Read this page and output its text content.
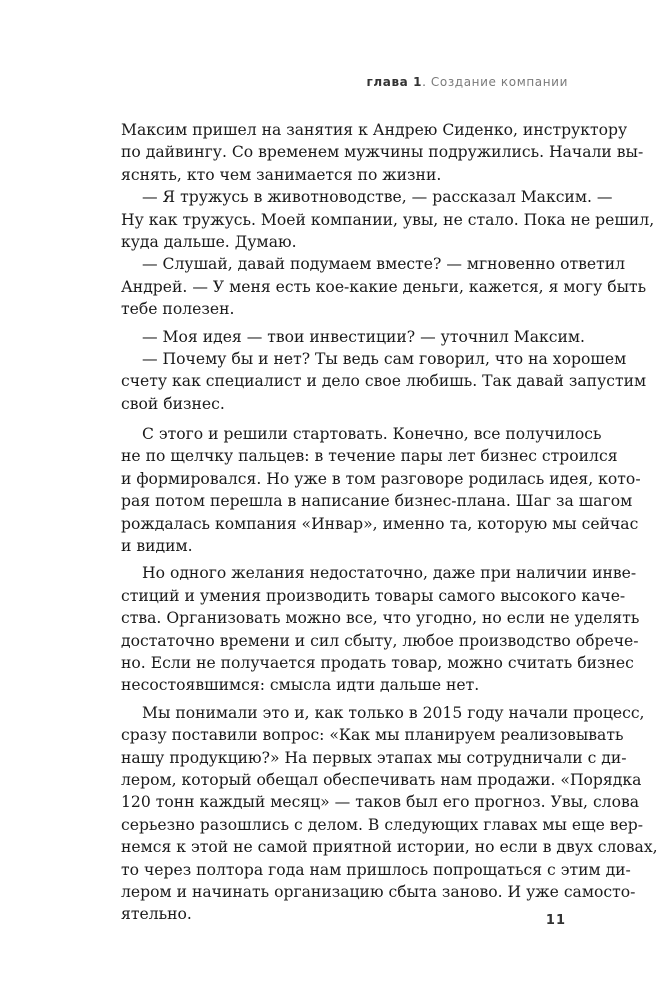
глава 1. Создание компании
Максим пришел на занятия к Андрею Сиденко, инструктору
по дайвингу. Со временем мужчины подружились. Начали вы-
яснять, кто чем занимается по жизни.
— Я тружусь в животноводстве, — рассказал Максим. —
Ну как тружусь. Моей компании, увы, не стало. Пока не решил,
куда дальше. Думаю.
— Слушай, давай подумаем вместе? — мгновенно ответил
Андрей. — У меня есть кое-какие деньги, кажется, я могу быть
тебе полезен.
— Моя идея — твои инвестиции? — уточнил Максим.
— Почему бы и нет? Ты ведь сам говорил, что на хорошем
счету как специалист и дело свое любишь. Так давай запустим
свой бизнес.
С этого и решили стартовать. Конечно, все получилось
не по щелчку пальцев: в течение пары лет бизнес строился
и формировался. Но уже в том разговоре родилась идея, кото-
рая потом перешла в написание бизнес-плана. Шаг за шагом
рождалась компания «Инвар», именно та, которую мы сейчас
и видим.
Но одного желания недостаточно, даже при наличии инве-
стиций и умения производить товары самого высокого каче-
ства. Организовать можно все, что угодно, но если не уделять
достаточно времени и сил сбыту, любое производство обрече-
но. Если не получается продать товар, можно считать бизнес
несостоявшимся: смысла идти дальше нет.
Мы понимали это и, как только в 2015 году начали процесс,
сразу поставили вопрос: «Как мы планируем реализовывать
нашу продукцию?» На первых этапах мы сотрудничали с ди-
лером, который обещал обеспечивать нам продажи. «Порядка
120 тонн каждый месяц» — таков был его прогноз. Увы, слова
серьезно разошлись с делом. В следующих главах мы еще вер-
немся к этой не самой приятной истории, но если в двух словах,
то через полтора года нам пришлось попрощаться с этим ди-
лером и начинать организацию сбыта заново. И уже самосто-
ятельно.	11
